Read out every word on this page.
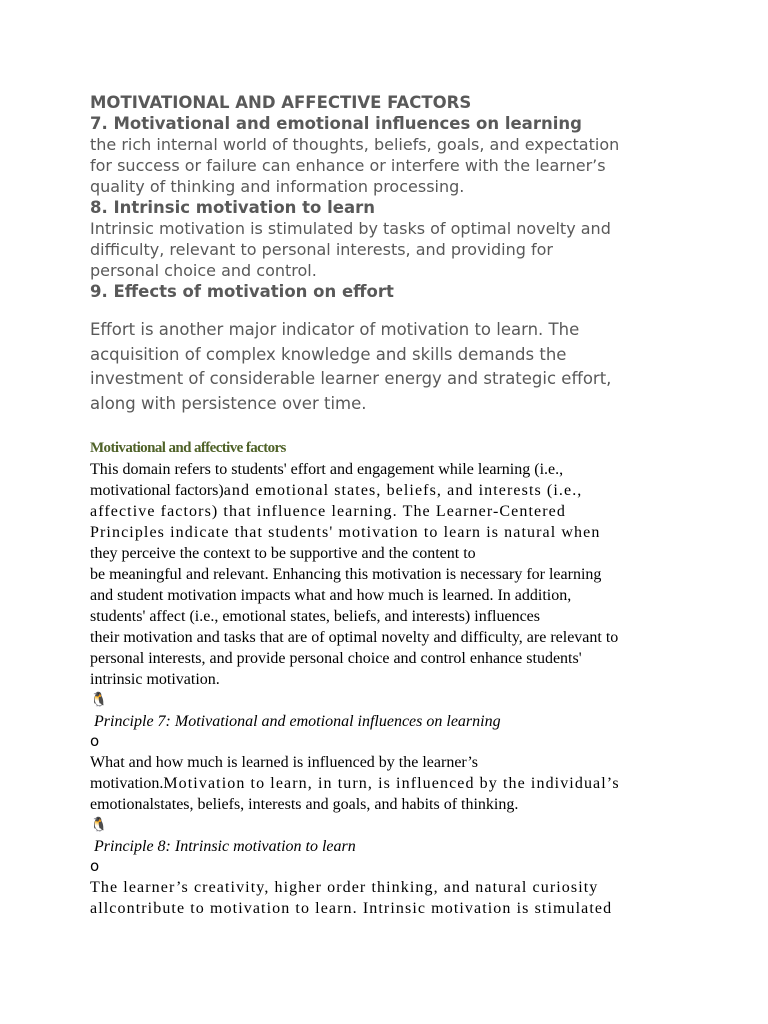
MOTIVATIONAL AND AFFECTIVE FACTORS
7. Motivational and emotional influences on learning
the rich internal world of thoughts, beliefs, goals, and expectation
for success or failure can enhance or interfere with the learner’s
quality of thinking and information processing.
8. Intrinsic motivation to learn
Intrinsic motivation is stimulated by tasks of optimal novelty and
difficulty, relevant to personal interests, and providing for
personal choice and control.
9. Effects of motivation on effort
Effort is another major indicator of motivation to learn. The
acquisition of complex knowledge and skills demands the
investment of considerable learner energy and strategic effort,
along with persistence over time.
Motivational and affective factors
This domain refers to students' effort and engagement while learning (i.e.,
motivational factors)and emotional states, beliefs, and interests (i.e.,
affective factors) that influence learning. The Learner-Centered
Principles indicate that students' motivation to learn is natural when
they perceive the context to be supportive and the content to
be meaningful and relevant. Enhancing this motivation is necessary for learning
and student motivation impacts what and how much is learned. In addition,
students' affect (i.e., emotional states, beliefs, and interests) influences
their motivation and tasks that are of optimal novelty and difficulty, are relevant to
personal interests, and provide personal choice and control enhance students'
intrinsic motivation.
🐧
Principle 7: Motivational and emotional influences on learning
o
What and how much is learned is influenced by the learner’s
motivation.Motivation to learn, in turn, is influenced by the individual’s
emotionalstates, beliefs, interests and goals, and habits of thinking.
🐧
Principle 8: Intrinsic motivation to learn
o
The learner’s creativity, higher order thinking, and natural curiosity
allcontribute to motivation to learn. Intrinsic motivation is stimulated
